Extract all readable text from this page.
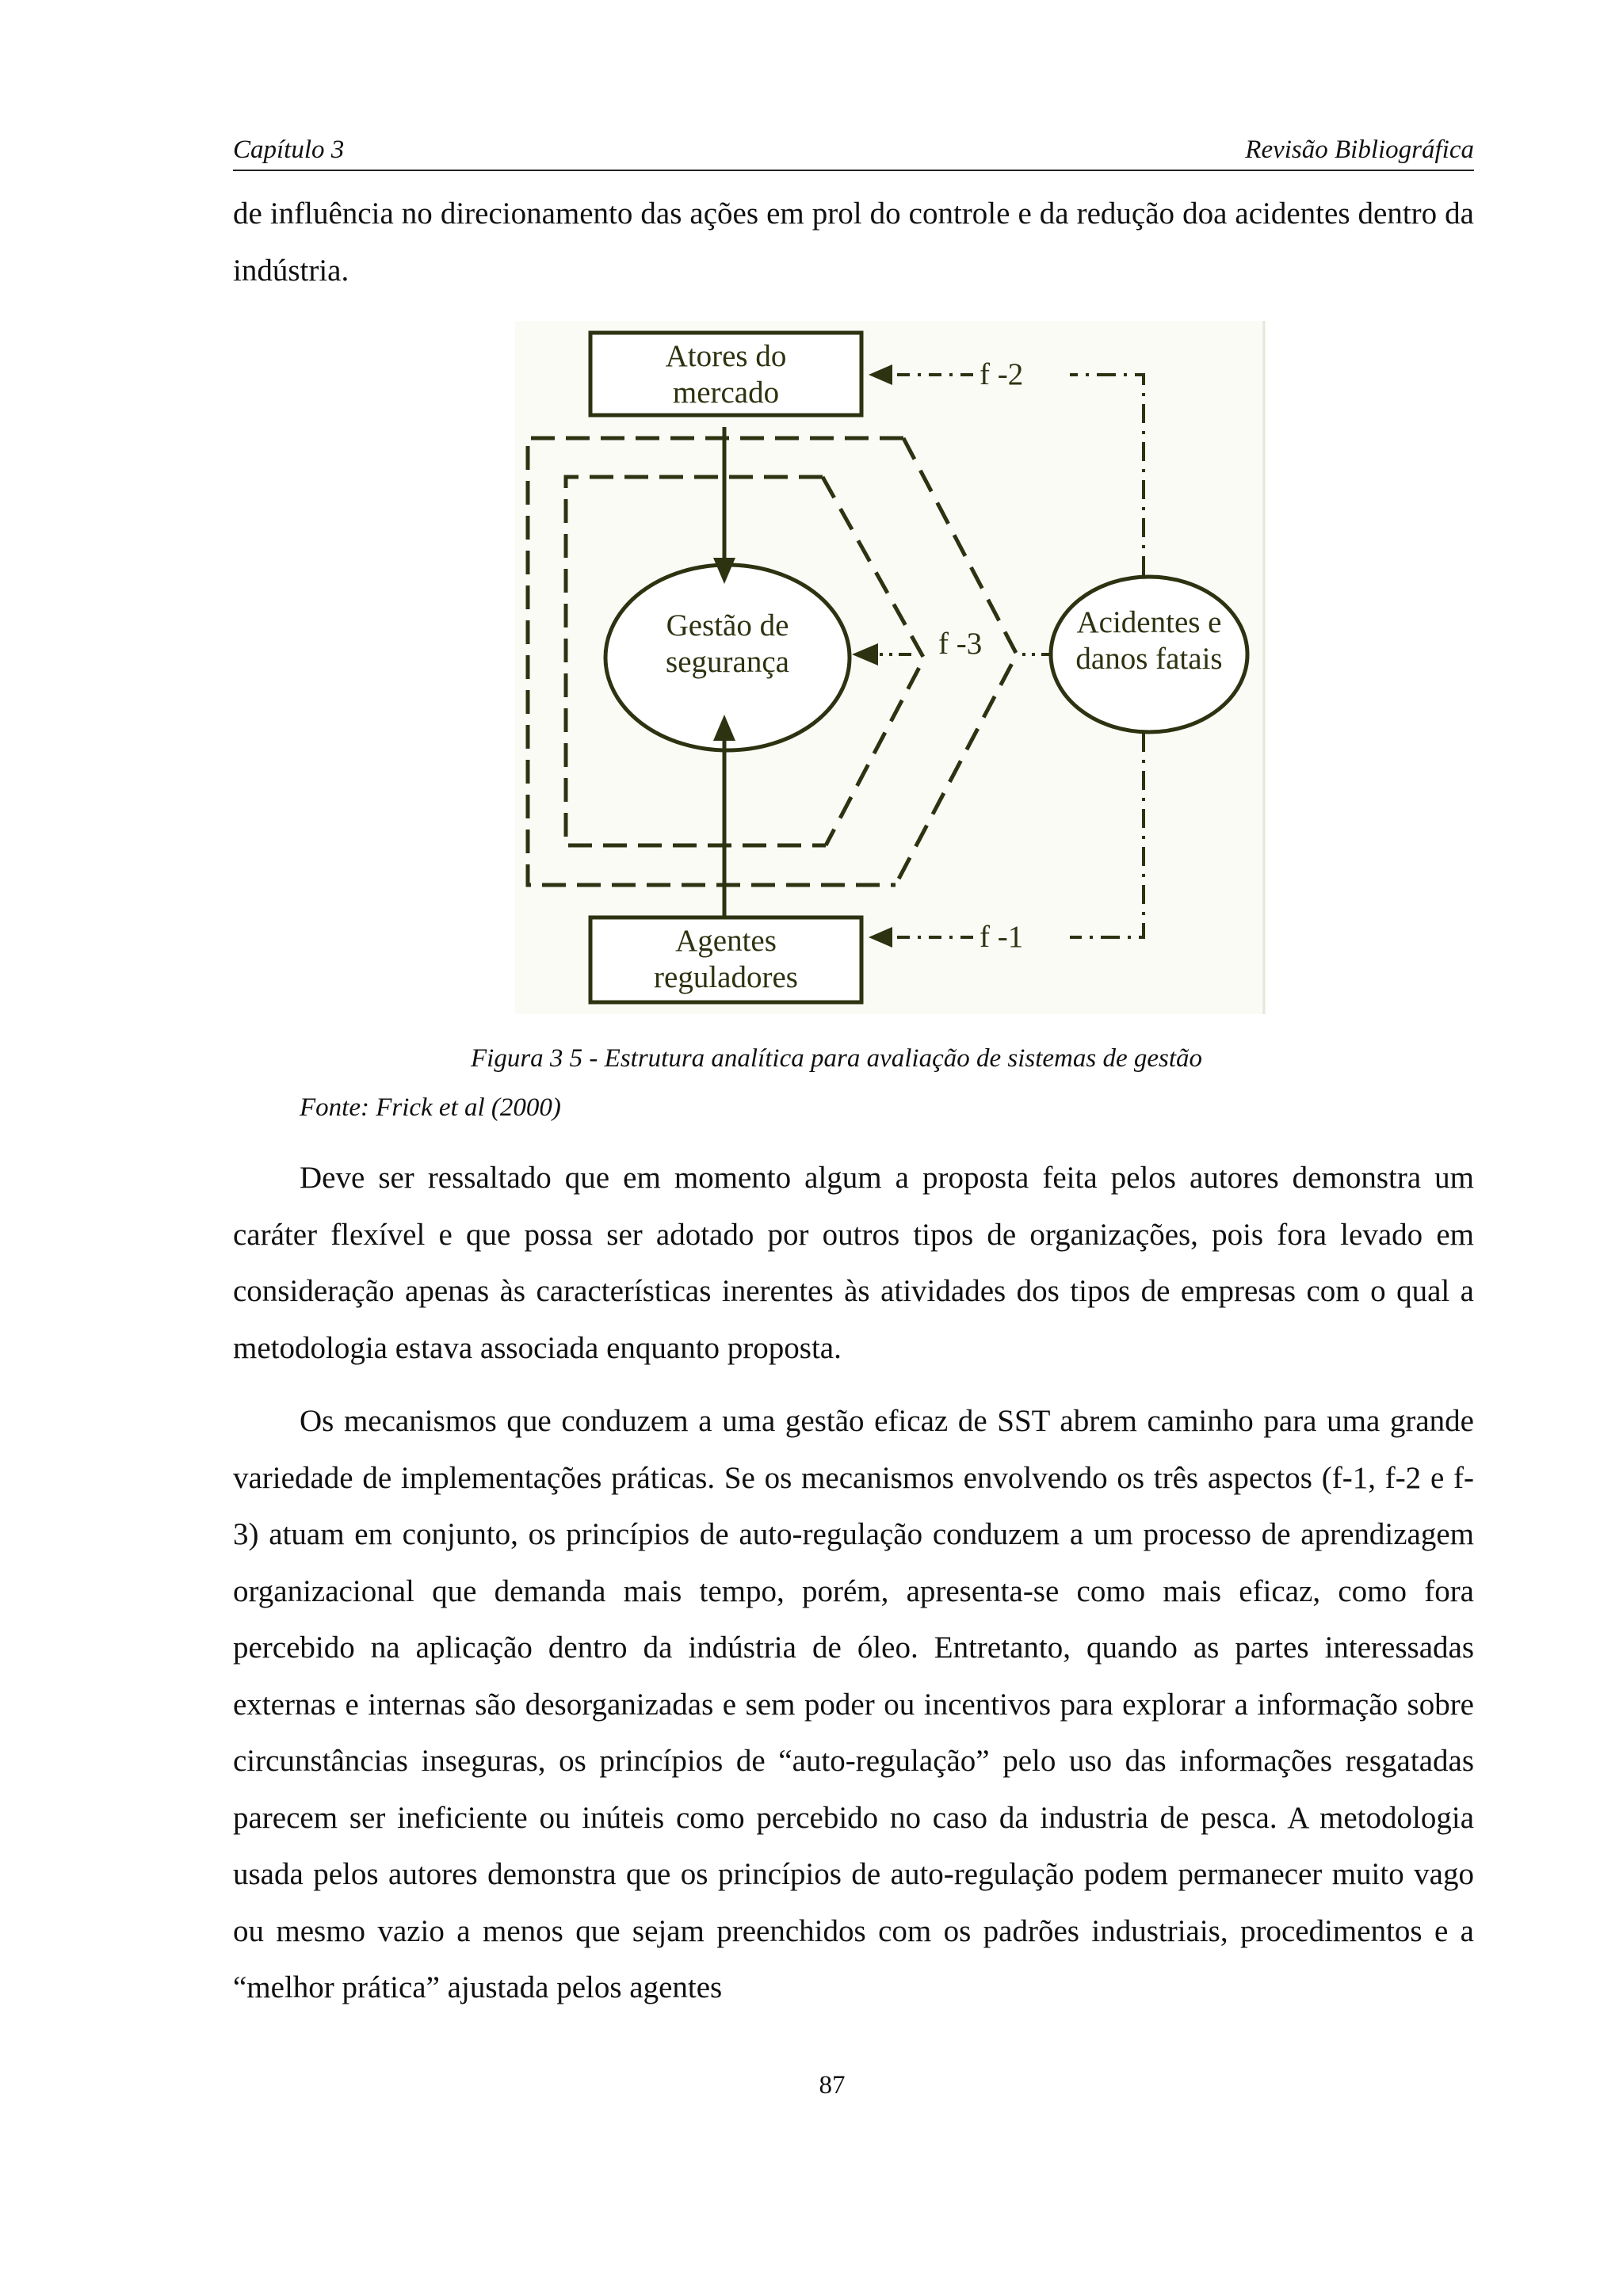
Capítulo 3	Revisão Bibliográfica

de influência no direcionamento das ações em prol do controle e da redução doa acidentes dentro da indústria.

Atores do mercado
Agentes reguladores
Gestão de segurança
Acidentes e danos fatais
f -2
f -1
f -3
Figura 3 5 - Estrutura analítica para avaliação de sistemas de gestão
Fonte: Frick et al (2000)

Deve ser ressaltado que em momento algum a proposta feita pelos autores demonstra um caráter flexível e que possa ser adotado por outros tipos de organizações, pois fora levado em consideração apenas às características inerentes às atividades dos tipos de empresas com o qual a metodologia estava associada enquanto proposta.

Os mecanismos que conduzem a uma gestão eficaz de SST abrem caminho para uma grande variedade de implementações práticas. Se os mecanismos envolvendo os três aspectos (f-1, f-2 e f-3) atuam em conjunto, os princípios de auto-regulação conduzem a um processo de aprendizagem organizacional que demanda mais tempo, porém, apresenta-se como mais eficaz, como fora percebido na aplicação dentro da indústria de óleo. Entretanto, quando as partes interessadas externas e internas são desorganizadas e sem poder ou incentivos para explorar a informação sobre circunstâncias inseguras, os princípios de “auto-regulação” pelo uso das informações resgatadas parecem ser ineficiente ou inúteis como percebido no caso da industria de pesca. A metodologia usada pelos autores demonstra que os princípios de auto-regulação podem permanecer muito vago ou mesmo vazio a menos que sejam preenchidos com os padrões industriais, procedimentos e a “melhor prática” ajustada pelos agentes

87
